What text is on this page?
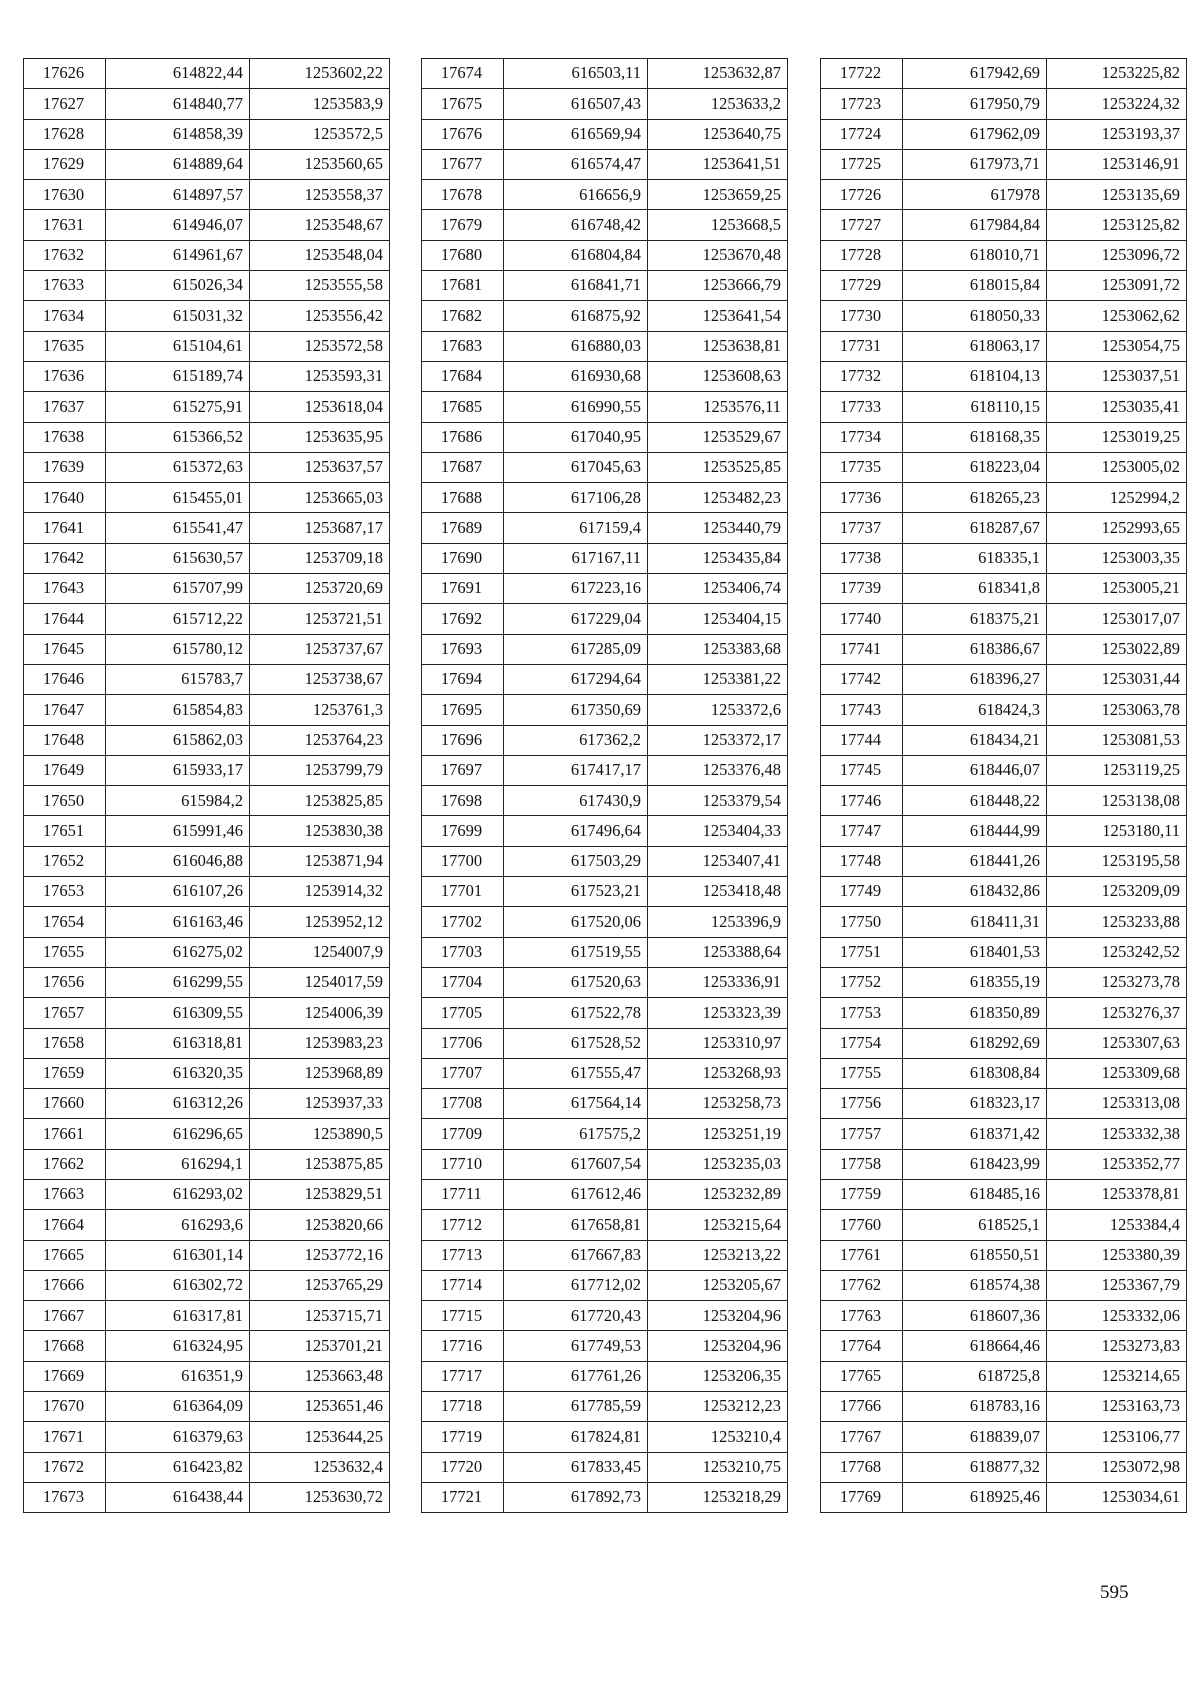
17626	614822,44	1253602,22
17627	614840,77	1253583,9
17628	614858,39	1253572,5
17629	614889,64	1253560,65
17630	614897,57	1253558,37
17631	614946,07	1253548,67
17632	614961,67	1253548,04
17633	615026,34	1253555,58
17634	615031,32	1253556,42
17635	615104,61	1253572,58
17636	615189,74	1253593,31
17637	615275,91	1253618,04
17638	615366,52	1253635,95
17639	615372,63	1253637,57
17640	615455,01	1253665,03
17641	615541,47	1253687,17
17642	615630,57	1253709,18
17643	615707,99	1253720,69
17644	615712,22	1253721,51
17645	615780,12	1253737,67
17646	615783,7	1253738,67
17647	615854,83	1253761,3
17648	615862,03	1253764,23
17649	615933,17	1253799,79
17650	615984,2	1253825,85
17651	615991,46	1253830,38
17652	616046,88	1253871,94
17653	616107,26	1253914,32
17654	616163,46	1253952,12
17655	616275,02	1254007,9
17656	616299,55	1254017,59
17657	616309,55	1254006,39
17658	616318,81	1253983,23
17659	616320,35	1253968,89
17660	616312,26	1253937,33
17661	616296,65	1253890,5
17662	616294,1	1253875,85
17663	616293,02	1253829,51
17664	616293,6	1253820,66
17665	616301,14	1253772,16
17666	616302,72	1253765,29
17667	616317,81	1253715,71
17668	616324,95	1253701,21
17669	616351,9	1253663,48
17670	616364,09	1253651,46
17671	616379,63	1253644,25
17672	616423,82	1253632,4
17673	616438,44	1253630,72
17674	616503,11	1253632,87
17675	616507,43	1253633,2
17676	616569,94	1253640,75
17677	616574,47	1253641,51
17678	616656,9	1253659,25
17679	616748,42	1253668,5
17680	616804,84	1253670,48
17681	616841,71	1253666,79
17682	616875,92	1253641,54
17683	616880,03	1253638,81
17684	616930,68	1253608,63
17685	616990,55	1253576,11
17686	617040,95	1253529,67
17687	617045,63	1253525,85
17688	617106,28	1253482,23
17689	617159,4	1253440,79
17690	617167,11	1253435,84
17691	617223,16	1253406,74
17692	617229,04	1253404,15
17693	617285,09	1253383,68
17694	617294,64	1253381,22
17695	617350,69	1253372,6
17696	617362,2	1253372,17
17697	617417,17	1253376,48
17698	617430,9	1253379,54
17699	617496,64	1253404,33
17700	617503,29	1253407,41
17701	617523,21	1253418,48
17702	617520,06	1253396,9
17703	617519,55	1253388,64
17704	617520,63	1253336,91
17705	617522,78	1253323,39
17706	617528,52	1253310,97
17707	617555,47	1253268,93
17708	617564,14	1253258,73
17709	617575,2	1253251,19
17710	617607,54	1253235,03
17711	617612,46	1253232,89
17712	617658,81	1253215,64
17713	617667,83	1253213,22
17714	617712,02	1253205,67
17715	617720,43	1253204,96
17716	617749,53	1253204,96
17717	617761,26	1253206,35
17718	617785,59	1253212,23
17719	617824,81	1253210,4
17720	617833,45	1253210,75
17721	617892,73	1253218,29
17722	617942,69	1253225,82
17723	617950,79	1253224,32
17724	617962,09	1253193,37
17725	617973,71	1253146,91
17726	617978	1253135,69
17727	617984,84	1253125,82
17728	618010,71	1253096,72
17729	618015,84	1253091,72
17730	618050,33	1253062,62
17731	618063,17	1253054,75
17732	618104,13	1253037,51
17733	618110,15	1253035,41
17734	618168,35	1253019,25
17735	618223,04	1253005,02
17736	618265,23	1252994,2
17737	618287,67	1252993,65
17738	618335,1	1253003,35
17739	618341,8	1253005,21
17740	618375,21	1253017,07
17741	618386,67	1253022,89
17742	618396,27	1253031,44
17743	618424,3	1253063,78
17744	618434,21	1253081,53
17745	618446,07	1253119,25
17746	618448,22	1253138,08
17747	618444,99	1253180,11
17748	618441,26	1253195,58
17749	618432,86	1253209,09
17750	618411,31	1253233,88
17751	618401,53	1253242,52
17752	618355,19	1253273,78
17753	618350,89	1253276,37
17754	618292,69	1253307,63
17755	618308,84	1253309,68
17756	618323,17	1253313,08
17757	618371,42	1253332,38
17758	618423,99	1253352,77
17759	618485,16	1253378,81
17760	618525,1	1253384,4
17761	618550,51	1253380,39
17762	618574,38	1253367,79
17763	618607,36	1253332,06
17764	618664,46	1253273,83
17765	618725,8	1253214,65
17766	618783,16	1253163,73
17767	618839,07	1253106,77
17768	618877,32	1253072,98
17769	618925,46	1253034,61
595
